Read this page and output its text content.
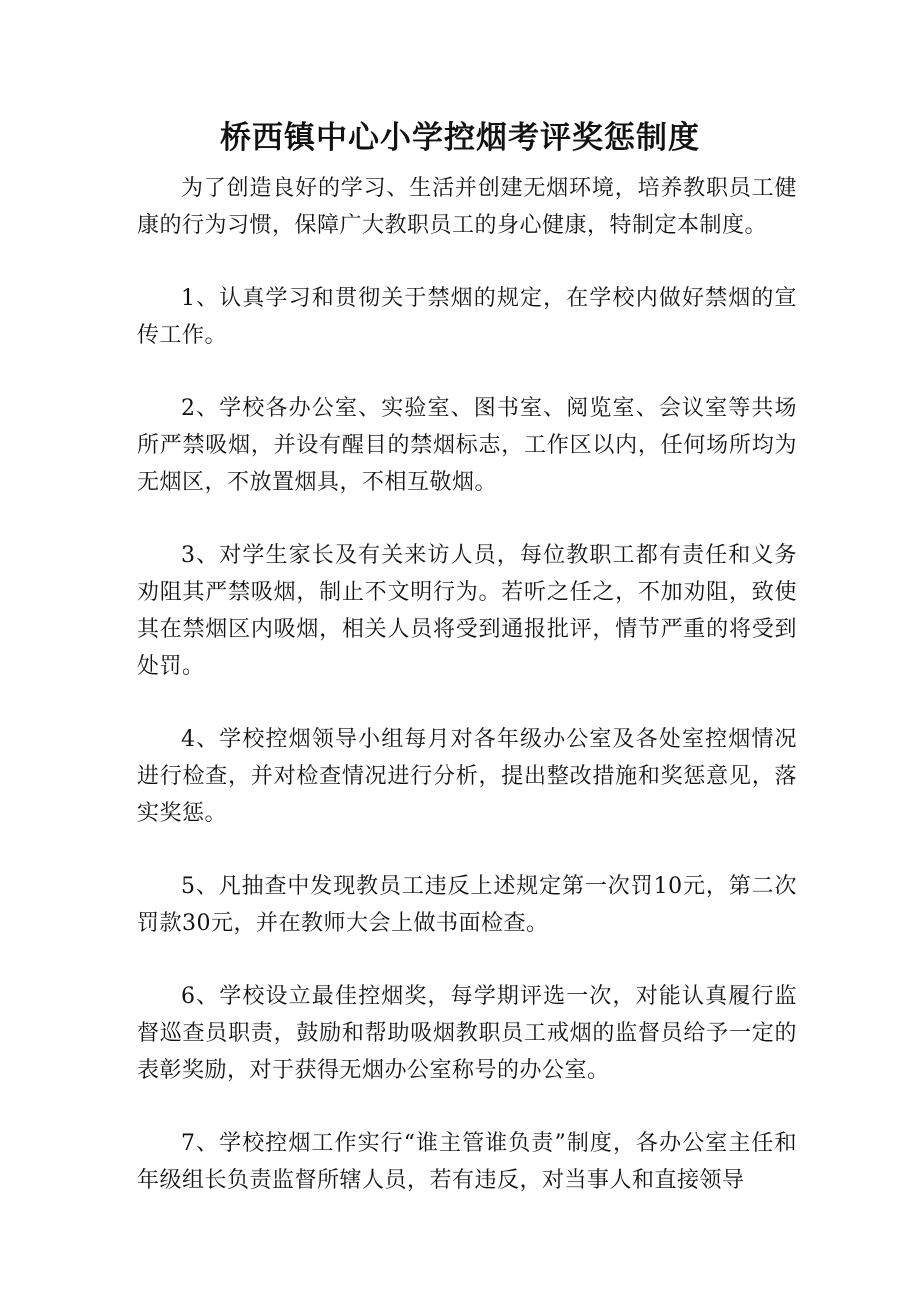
桥西镇中心小学控烟考评奖惩制度

为了创造良好的学习、生活并创建无烟环境，培养教职员工健康的行为习惯，保障广大教职员工的身心健康，特制定本制度。

1、认真学习和贯彻关于禁烟的规定，在学校内做好禁烟的宣传工作。

2、学校各办公室、实验室、图书室、阅览室、会议室等共场所严禁吸烟，并设有醒目的禁烟标志，工作区以内，任何场所均为无烟区，不放置烟具，不相互敬烟。

3、对学生家长及有关来访人员，每位教职工都有责任和义务劝阻其严禁吸烟，制止不文明行为。若听之任之，不加劝阻，致使其在禁烟区内吸烟，相关人员将受到通报批评，情节严重的将受到处罚。

4、学校控烟领导小组每月对各年级办公室及各处室控烟情况进行检查，并对检查情况进行分析，提出整改措施和奖惩意见，落实奖惩。

5、凡抽查中发现教员工违反上述规定第一次罚10元，第二次罚款30元，并在教师大会上做书面检查。

6、学校设立最佳控烟奖，每学期评选一次，对能认真履行监督巡查员职责，鼓励和帮助吸烟教职员工戒烟的监督员给予一定的表彰奖励，对于获得无烟办公室称号的办公室。

7、学校控烟工作实行“谁主管谁负责”制度，各办公室主任和年级组长负责监督所辖人员，若有违反，对当事人和直接领导
